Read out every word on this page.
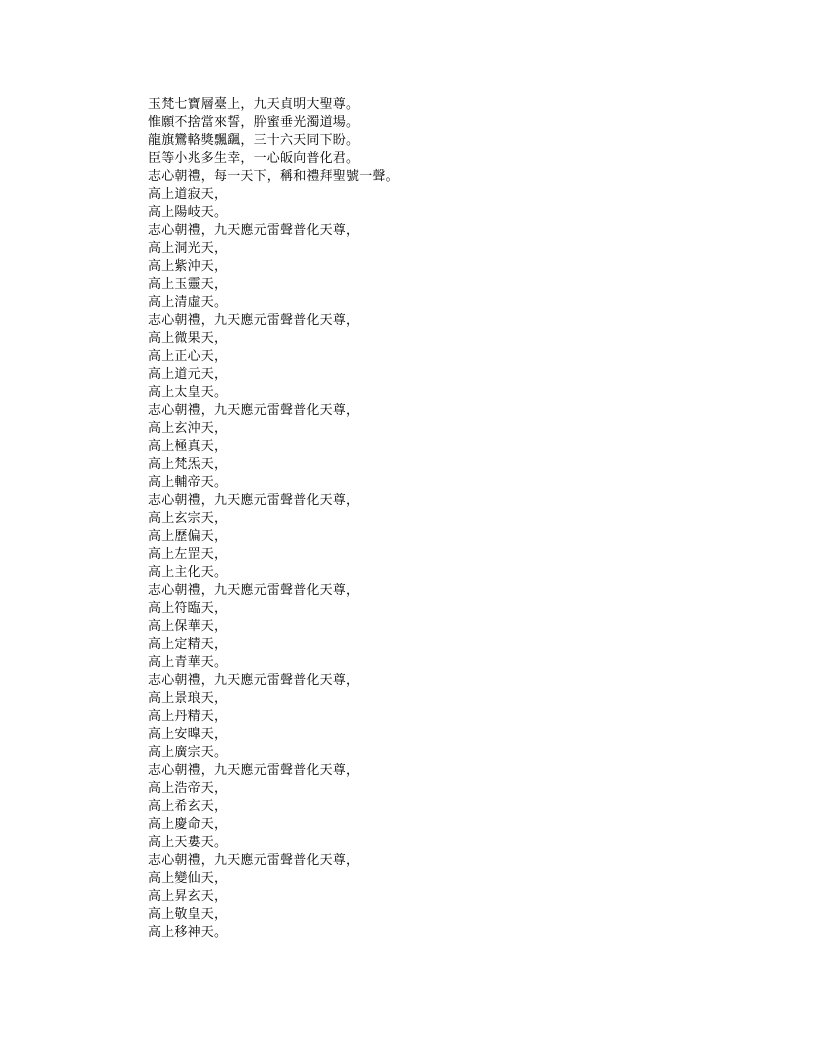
玉梵七寶層臺上，九天貞明大聖尊。
惟願不捨當來誓，肸蜜垂光濁道場。
龍旗鸞輅獎飄颻，三十六天同下盼。
臣等小兆多生幸，一心皈向普化君。
志心朝禮，每一天下，稱和禮拜聖號一聲。
高上道寂天，
高上陽岐天。
志心朝禮，九天應元雷聲普化天尊，
高上洞光天，
高上紫沖天，
高上玉靈天，
高上清虛天。
志心朝禮，九天應元雷聲普化天尊，
高上微果天，
高上正心天，
高上道元天，
高上太皇天。
志心朝禮，九天應元雷聲普化天尊，
高上玄沖天，
高上極真天，
高上梵炁天，
高上輔帝天。
志心朝禮，九天應元雷聲普化天尊，
高上玄宗天，
高上歷偏天，
高上左罡天，
高上主化天。
志心朝禮，九天應元雷聲普化天尊，
高上符臨天，
高上保華天，
高上定精天，
高上青華天。
志心朝禮，九天應元雷聲普化天尊，
高上景琅天，
高上丹精天，
高上安曍天，
高上廣宗天。
志心朝禮，九天應元雷聲普化天尊，
高上浩帝天，
高上希玄天，
高上慶命天，
高上天婁天。
志心朝禮，九天應元雷聲普化天尊，
高上變仙天，
高上昇玄天，
高上敬皇天，
高上移神天。
